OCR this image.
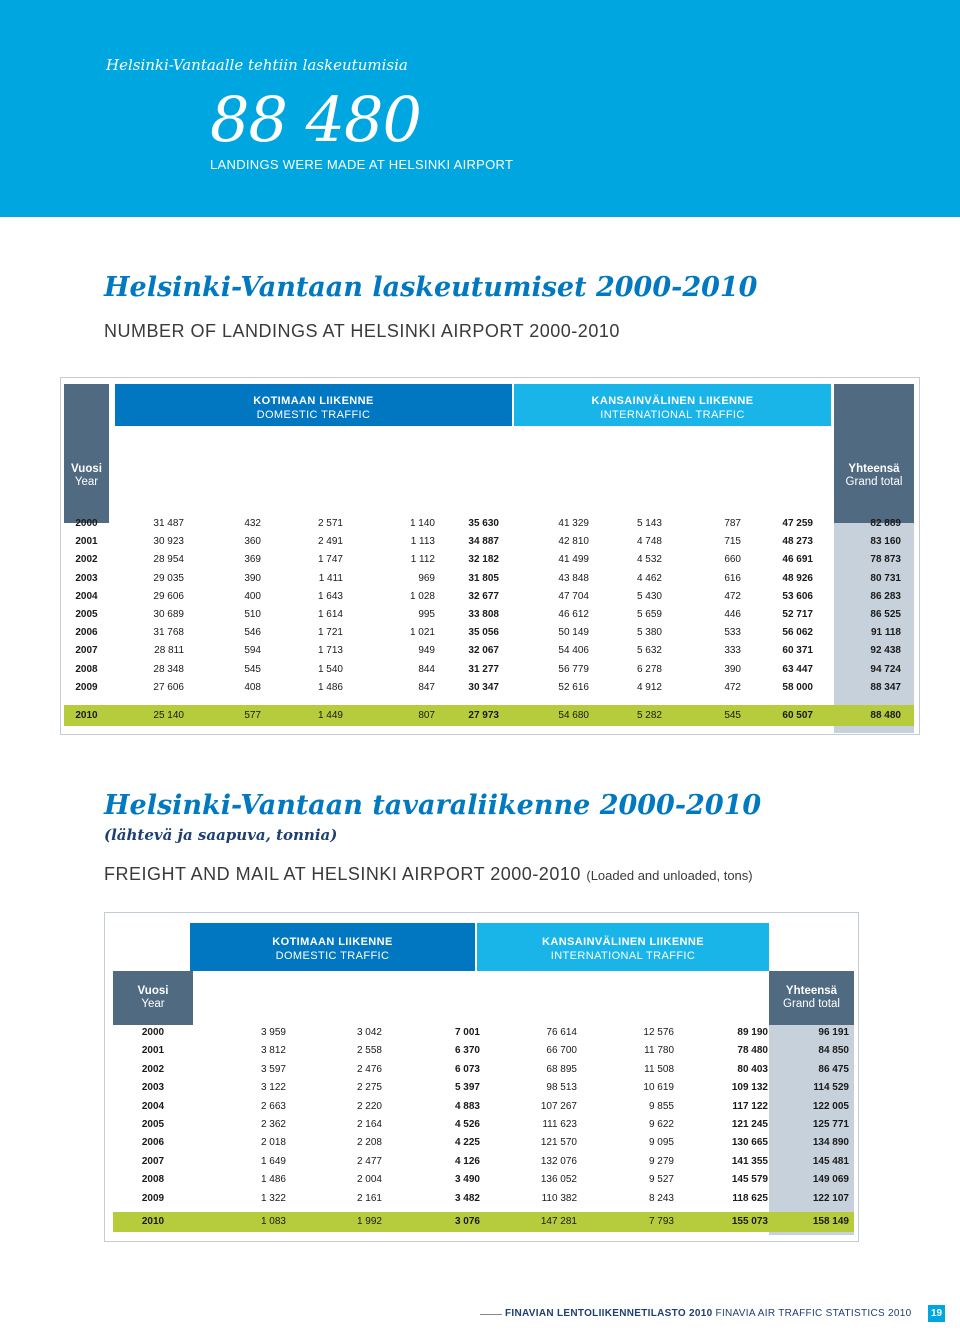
Helsinki-Vantaalle tehtiin laskeutumisia
88 480
LANDINGS WERE MADE AT HELSINKI AIRPORT
Helsinki-Vantaan laskeutumiset 2000-2010
NUMBER OF LANDINGS AT HELSINKI AIRPORT 2000-2010
KOTIMAAN LIIKENNE
DOMESTIC TRAFFIC
KANSAINVÄLINEN LIIKENNE
INTERNATIONAL TRAFFIC
Vuosi
Year
Reitti
Scheduled
Tilaus
Charter
Yleisilmailu
General aviation
Sotilas-ilmailu
Militrary aviation
Yhteensä
Total
Reitti
Scheduled
Tilaus
Charter
Yleisilmailu ja muut
General aviation & other
Yhteensä
Total
Yhteensä
Grand total
2000	31 487	432	2 571	1 140	35 630	41 329	5 143	787	47 259	82 889
2001	30 923	360	2 491	1 113	34 887	42 810	4 748	715	48 273	83 160
2002	28 954	369	1 747	1 112	32 182	41 499	4 532	660	46 691	78 873
2003	29 035	390	1 411	969	31 805	43 848	4 462	616	48 926	80 731
2004	29 606	400	1 643	1 028	32 677	47 704	5 430	472	53 606	86 283
2005	30 689	510	1 614	995	33 808	46 612	5 659	446	52 717	86 525
2006	31 768	546	1 721	1 021	35 056	50 149	5 380	533	56 062	91 118
2007	28 811	594	1 713	949	32 067	54 406	5 632	333	60 371	92 438
2008	28 348	545	1 540	844	31 277	56 779	6 278	390	63 447	94 724
2009	27 606	408	1 486	847	30 347	52 616	4 912	472	58 000	88 347
2010	25 140	577	1 449	807	27 973	54 680	5 282	545	60 507	88 480
Helsinki-Vantaan tavaraliikenne 2000-2010
(lähtevä ja saapuva, tonnia)
FREIGHT AND MAIL AT HELSINKI AIRPORT 2000-2010 (Loaded and unloaded, tons)
KOTIMAAN LIIKENNE
DOMESTIC TRAFFIC
KANSAINVÄLINEN LIIKENNE
INTERNATIONAL TRAFFIC
Vuosi
Year
Rahti
Freight
Posti
Mail
Yhteensä
Total
Rahti
Freight
Posti
Mail
Yhteensä
Total
Yhteensä
Grand total
2000	3 959	3 042	7 001	76 614	12 576	89 190	96 191
2001	3 812	2 558	6 370	66 700	11 780	78 480	84 850
2002	3 597	2 476	6 073	68 895	11 508	80 403	86 475
2003	3 122	2 275	5 397	98 513	10 619	109 132	114 529
2004	2 663	2 220	4 883	107 267	9 855	117 122	122 005
2005	2 362	2 164	4 526	111 623	9 622	121 245	125 771
2006	2 018	2 208	4 225	121 570	9 095	130 665	134 890
2007	1 649	2 477	4 126	132 076	9 279	141 355	145 481
2008	1 486	2 004	3 490	136 052	9 527	145 579	149 069
2009	1 322	2 161	3 482	110 382	8 243	118 625	122 107
2010	1 083	1 992	3 076	147 281	7 793	155 073	158 149
FINAVIAN LENTOLIIKENNETILASTO 2010 FINAVIA AIR TRAFFIC STATISTICS 2010 19
